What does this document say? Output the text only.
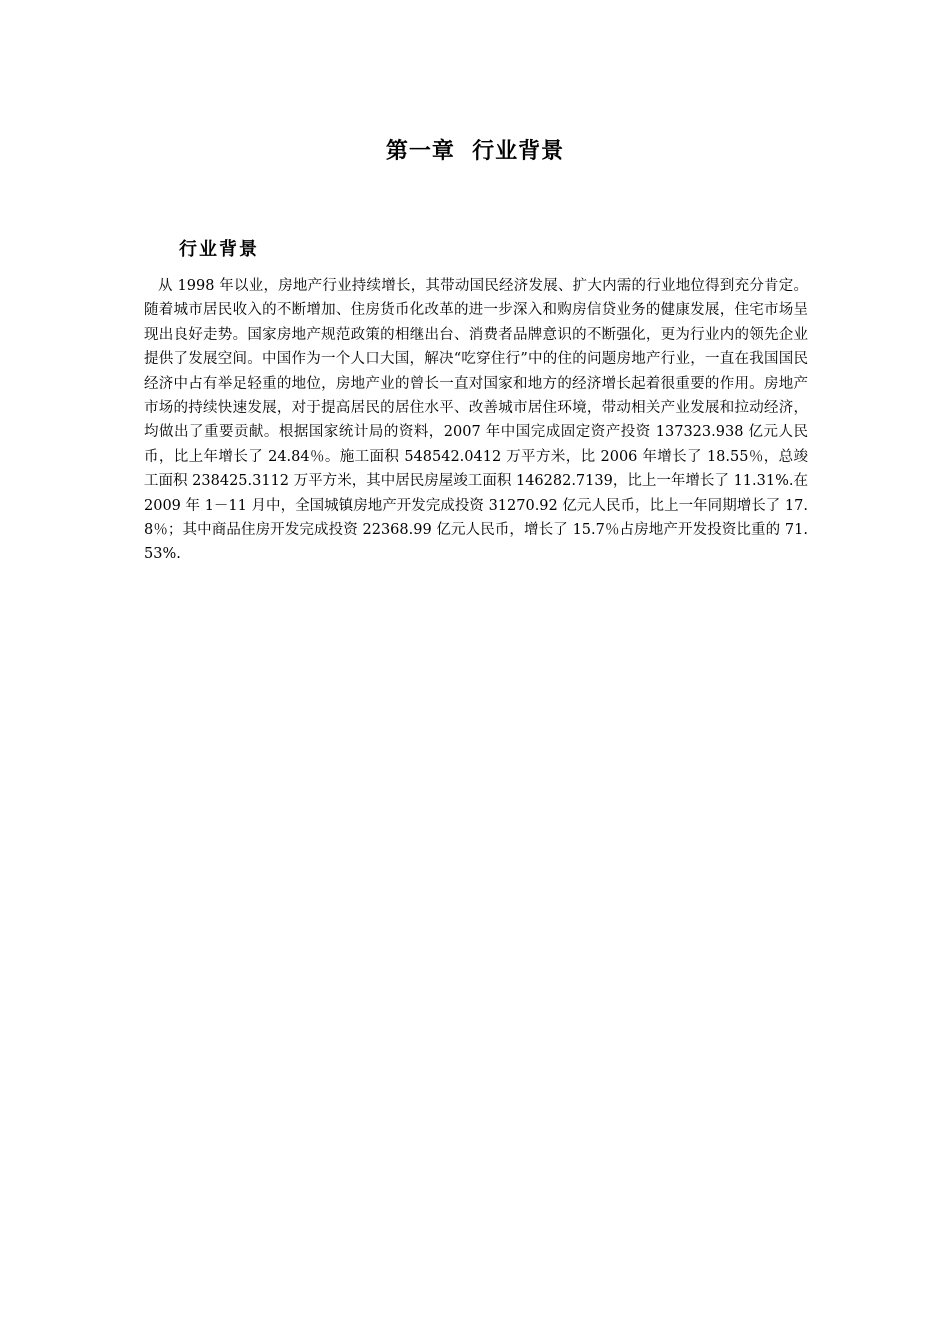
第一章  行业背景
行业背景

从 1998 年以业，房地产行业持续增长，其带动国民经济发展、扩大内需的行业地位得到充分肯定。随着城市居民收入的不断增加、住房货币化改革的进一步深入和购房信贷业务的健康发展，住宅市场呈现出良好走势。国家房地产规范政策的相继出台、消费者品牌意识的不断强化，更为行业内的领先企业提供了发展空间。中国作为一个人口大国，解决“吃穿住行”中的住的问题房地产行业，一直在我国国民经济中占有举足轻重的地位，房地产业的曾长一直对国家和地方的经济增长起着很重要的作用。房地产市场的持续快速发展，对于提高居民的居住水平、改善城市居住环境，带动相关产业发展和拉动经济，均做出了重要贡献。根据国家统计局的资料，2007 年中国完成固定资产投资 137323.938 亿元人民币，比上年增长了 24.84％。施工面积 548542.0412 万平方米，比 2006 年增长了 18.55％，总竣工面积 238425.3112 万平方米，其中居民房屋竣工面积 146282.7139，比上一年增长了 11.31%.在 2009 年 1－11 月中，全国城镇房地产开发完成投资 31270.92 亿元人民币，比上一年同期增长了 17.8％；其中商品住房开发完成投资 22368.99 亿元人民币，增长了 15.7％占房地产开发投资比重的 71.53%.
